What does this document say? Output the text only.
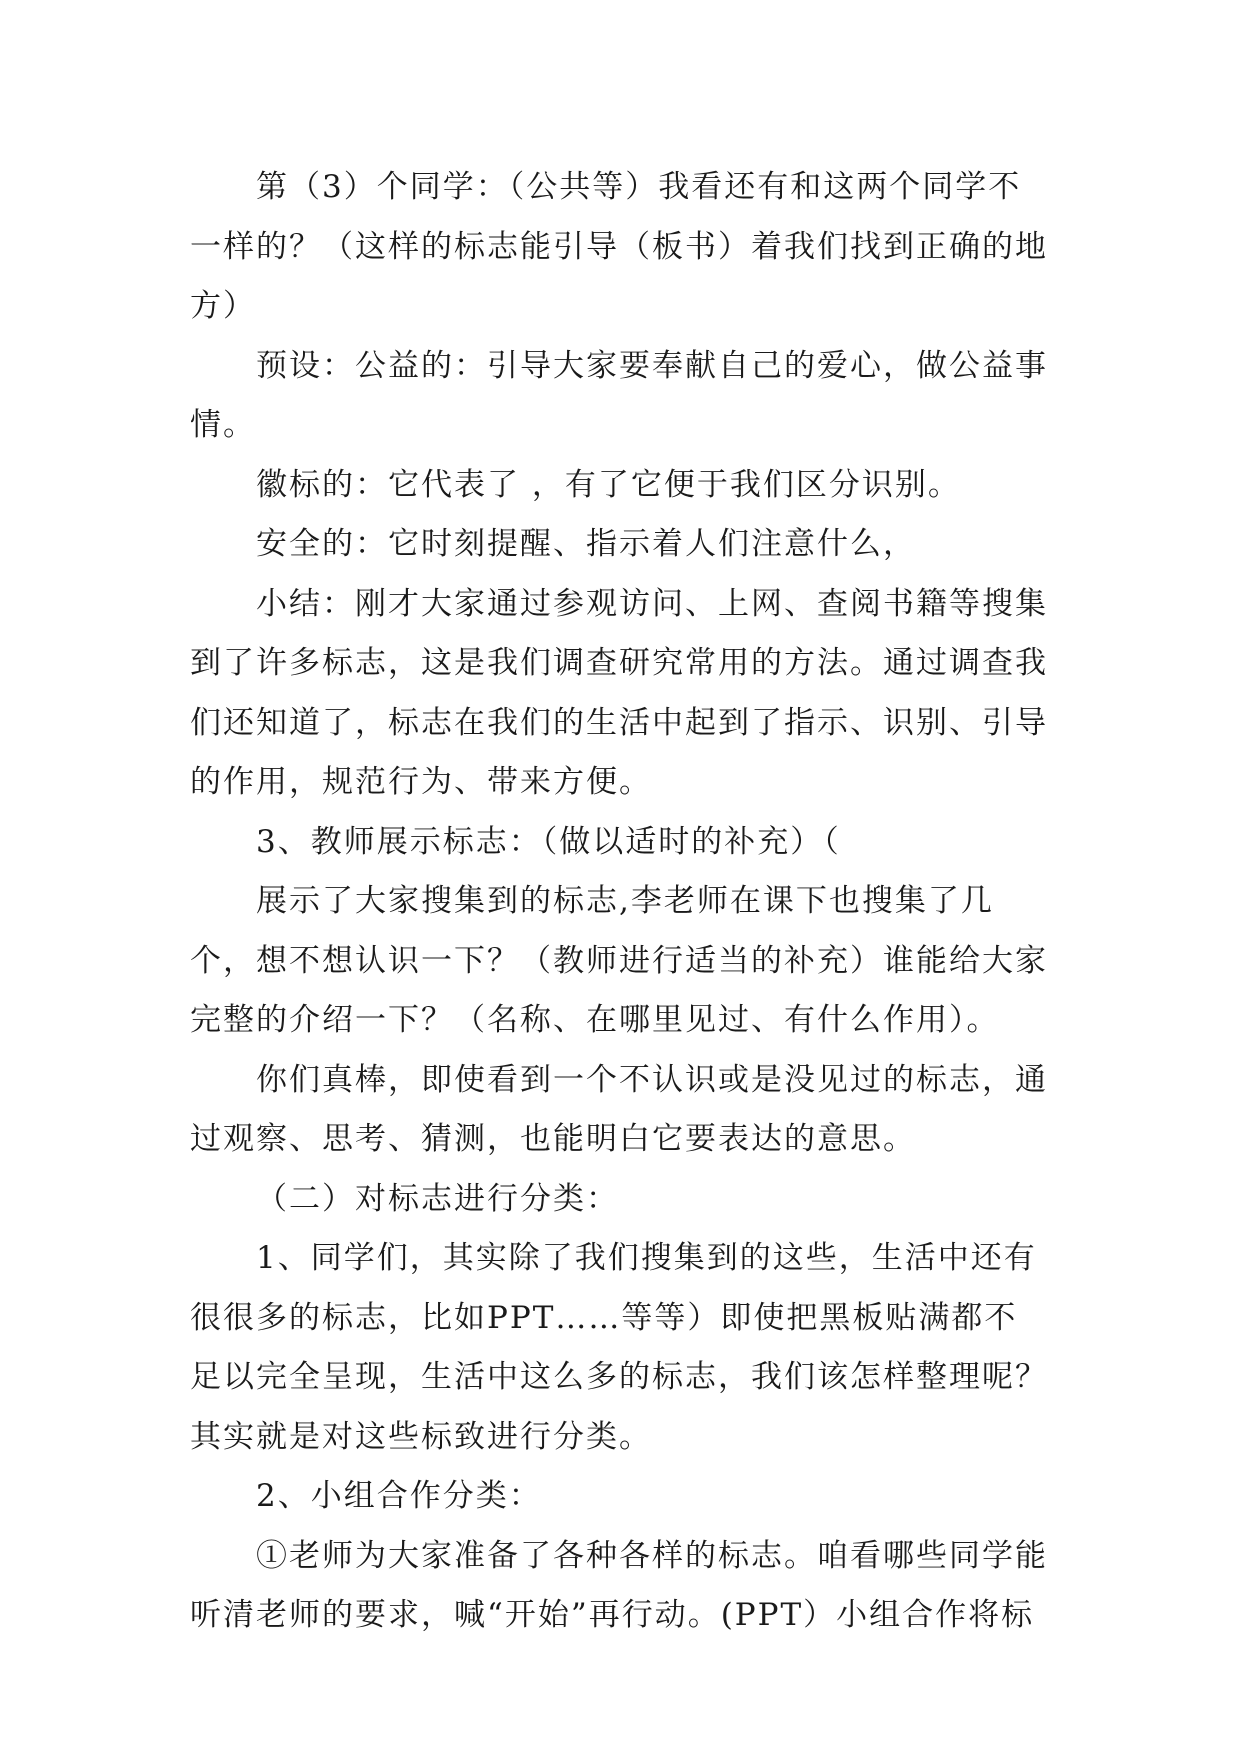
第（3）个同学：（公共等）我看还有和这两个同学不一样的？（这样的标志能引导（板书）着我们找到正确的地方）

预设：公益的：引导大家要奉献自己的爱心，做公益事情。

徽标的：它代表了 ，有了它便于我们区分识别。

安全的：它时刻提醒、指示着人们注意什么，

小结：刚才大家通过参观访问、上网、查阅书籍等搜集到了许多标志，这是我们调查研究常用的方法。通过调查我们还知道了，标志在我们的生活中起到了指示、识别、引导的作用，规范行为、带来方便。

3、教师展示标志：（做以适时的补充）（

展示了大家搜集到的标志,李老师在课下也搜集了几个，想不想认识一下？（教师进行适当的补充）谁能给大家完整的介绍一下？（名称、在哪里见过、有什么作用）。

你们真棒，即使看到一个不认识或是没见过的标志，通过观察、思考、猜测，也能明白它要表达的意思。

（二）对标志进行分类：

1、同学们，其实除了我们搜集到的这些，生活中还有很很多的标志，比如PPT……等等）即使把黑板贴满都不足以完全呈现，生活中这么多的标志，我们该怎样整理呢？其实就是对这些标致进行分类。

2、小组合作分类：

①老师为大家准备了各种各样的标志。咱看哪些同学能听清老师的要求，喊“开始”再行动。(PPT）小组合作将标
